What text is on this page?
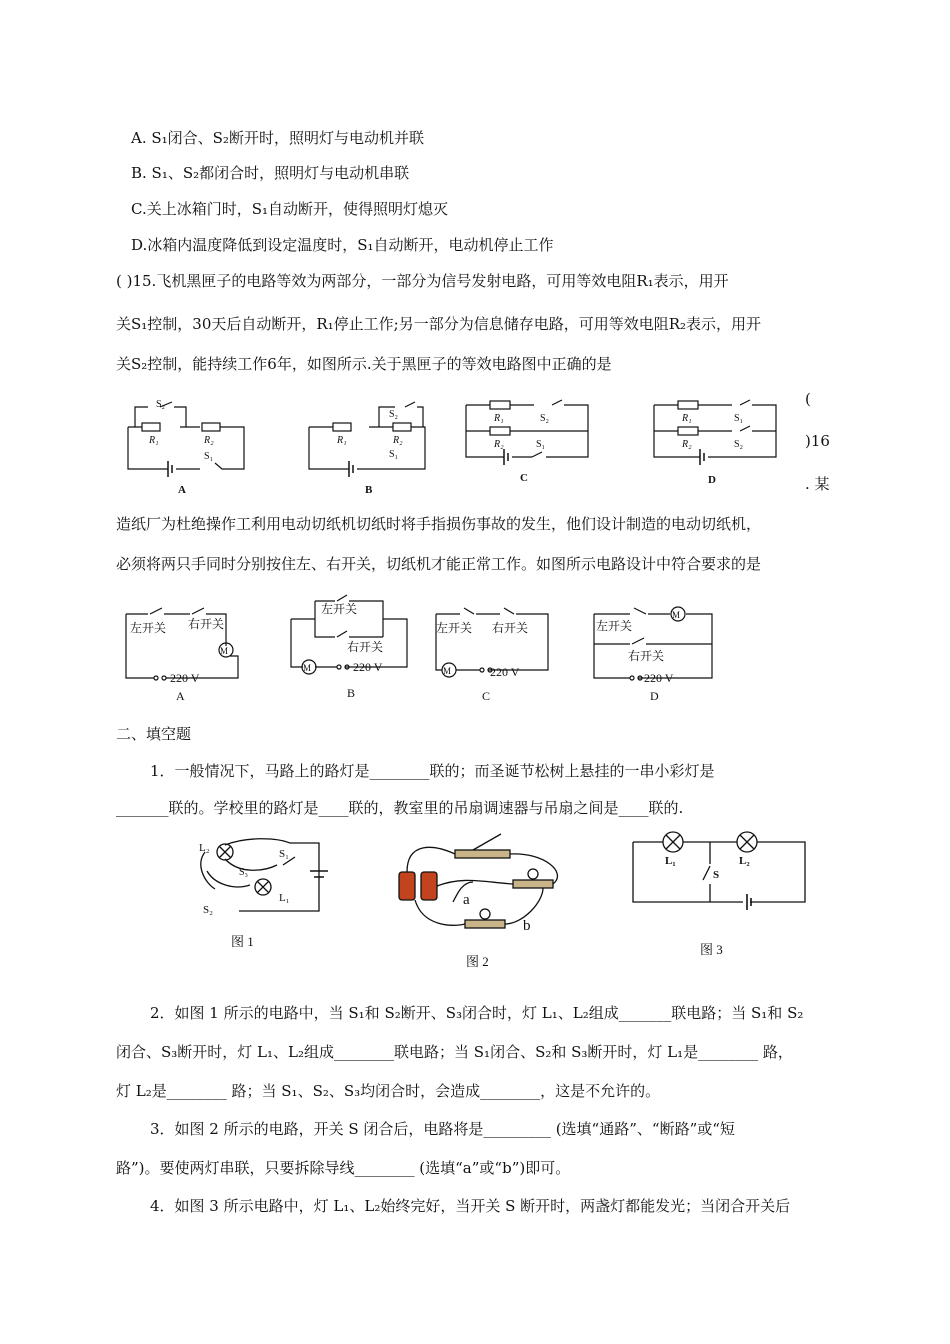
A. S₁闭合、S₂断开时，照明灯与电动机并联
B. S₁、S₂都闭合时，照明灯与电动机串联
C.关上冰箱门时，S₁自动断开，使得照明灯熄灭
D.冰箱内温度降低到设定温度时，S₁自动断开，电动机停止工作
( )15.飞机黑匣子的电路等效为两部分，一部分为信号发射电路，可用等效电阻R₁表示，用开
关S₁控制，30天后自动断开，R₁停止工作;另一部分为信息储存电路，可用等效电阻R₂表示，用开
关S₂控制，能持续工作6年，如图所示.关于黑匣子的等效电路图中正确的是
S₂
R₁	R₂
S₁
A
S₂
R₁	R₂
S₁
B
R₁	S₂
R₂	S₁
C
R₁	S₁
R₂	S₂
D
(
)16
. 某
造纸厂为杜绝操作工利用电动切纸机切纸时将手指损伤事故的发生，他们设计制造的电动切纸机，
必须将两只手同时分别按住左、右开关，切纸机才能正常工作。如图所示电路设计中符合要求的是
M
左开关 右开关
220 V
A
M
左开关
右开关
220 V
B
M
左开关 右开关
220 V
C
M
左开关
右开关
220 V
D
二、填空题
1．一般情况下，马路上的路灯是________联的；而圣诞节松树上悬挂的一串小彩灯是
_______联的。学校里的路灯是____联的，教室里的吊扇调速器与吊扇之间是____联的.
L₂	S₁
S₃
L₁
S₂
图 1
a
b
图 2
L₁	L₂
S
图 3
2．如图 1 所示的电路中，当 S₁和 S₂断开、S₃闭合时，灯 L₁、L₂组成_______联电路；当 S₁和 S₂
闭合、S₃断开时，灯 L₁、L₂组成________联电路；当 S₁闭合、S₂和 S₃断开时，灯 L₁是________ 路，
灯 L₂是________ 路；当 S₁、S₂、S₃均闭合时，会造成________，这是不允许的。
3．如图 2 所示的电路，开关 S 闭合后，电路将是_________ (选填“通路”、“断路”或“短
路”)。要使两灯串联，只要拆除导线________ (选填“a”或“b”)即可。
4．如图 3 所示电路中，灯 L₁、L₂始终完好，当开关 S 断开时，两盏灯都能发光；当闭合开关后
